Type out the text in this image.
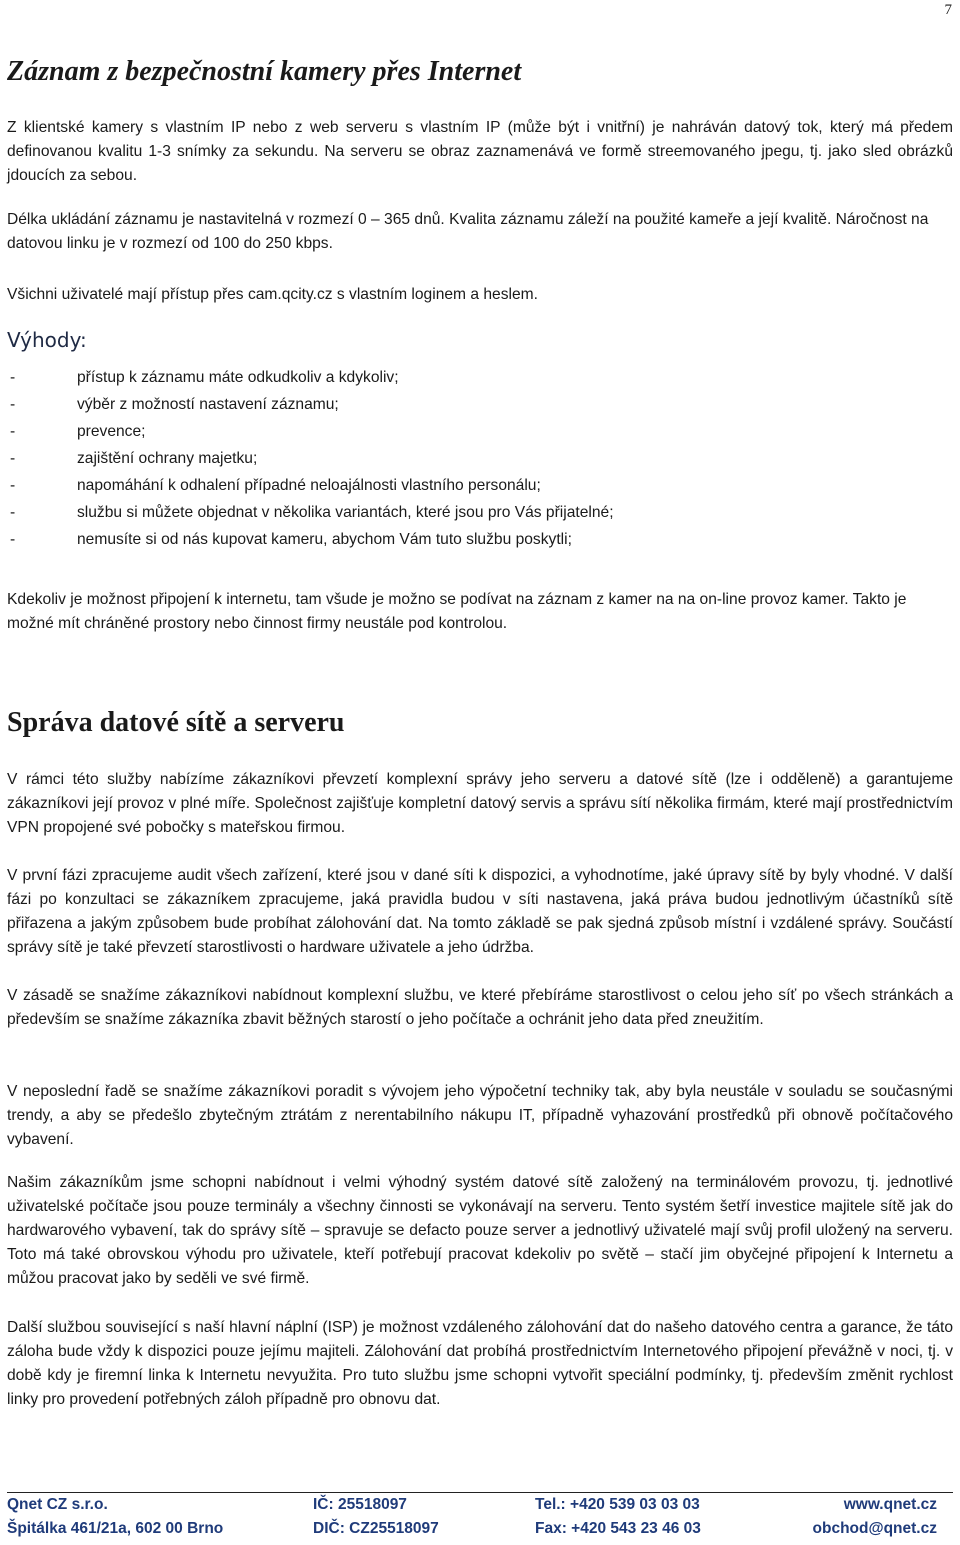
7
Záznam z bezpečnostní kamery přes Internet

Z klientské kamery s vlastním IP nebo z web serveru s vlastním IP (může být i vnitřní) je nahráván datový tok, který má předem definovanou kvalitu 1-3 snímky za sekundu. Na serveru se obraz zaznamenává ve formě streemovaného jpegu, tj. jako sled obrázků jdoucích za sebou.

Délka ukládání záznamu je nastavitelná v rozmezí 0 – 365 dnů. Kvalita záznamu záleží na použité kameře a její kvalitě. Náročnost na datovou linku je v rozmezí od 100 do 250 kbps.

Všichni uživatelé mají přístup přes cam.qcity.cz s vlastním loginem a heslem.

Výhody:
-	přístup k záznamu máte odkudkoliv a kdykoliv;
-	výběr z možností nastavení záznamu;
-	prevence;
-	zajištění ochrany majetku;
-	napomáhání k odhalení případné neloajálnosti vlastního personálu;
-	službu si můžete objednat v několika variantách, které jsou pro Vás přijatelné;
-	nemusíte si od nás kupovat kameru, abychom Vám tuto službu poskytli;

Kdekoliv je možnost připojení k internetu, tam všude je možno se podívat na záznam z kamer na na on-line provoz kamer. Takto je možné mít chráněné prostory nebo činnost firmy neustále pod kontrolou.

Správa datové sítě a serveru

V rámci této služby nabízíme zákazníkovi převzetí komplexní správy jeho serveru a datové sítě (lze i odděleně) a garantujeme zákazníkovi její provoz v plné míře. Společnost zajišťuje kompletní datový servis a správu sítí několika firmám, které mají prostřednictvím VPN propojené své pobočky s mateřskou firmou.

V první fázi zpracujeme audit všech zařízení, které jsou v dané síti k dispozici, a vyhodnotíme, jaké úpravy sítě by byly vhodné. V další fázi po konzultaci se zákazníkem zpracujeme, jaká pravidla budou v síti nastavena, jaká práva budou jednotlivým účastníků sítě přiřazena a jakým způsobem bude probíhat zálohování dat. Na tomto základě se pak sjedná způsob místní i vzdálené správy. Součástí správy sítě je také převzetí starostlivosti o hardware uživatele a jeho údržba.

V zásadě se snažíme zákazníkovi nabídnout komplexní službu, ve které přebíráme starostlivost o celou jeho síť po všech stránkách a především se snažíme zákazníka zbavit běžných starostí o jeho počítače a ochránit jeho data před zneužitím.

V neposlední řadě se snažíme zákazníkovi poradit s vývojem jeho výpočetní techniky tak, aby byla neustále v souladu se současnými trendy, a aby se předešlo zbytečným ztrátám z nerentabilního nákupu IT, případně vyhazování prostředků při obnově počítačového vybavení.

Našim zákazníkům jsme schopni nabídnout i velmi výhodný systém datové sítě založený na terminálovém provozu, tj. jednotlivé uživatelské počítače jsou pouze terminály a všechny činnosti se vykonávají na serveru. Tento systém šetří investice majitele sítě jak do hardwarového vybavení, tak do správy sítě – spravuje se defacto pouze server a jednotlivý uživatelé mají svůj profil uložený na serveru. Toto má také obrovskou výhodu pro uživatele, kteří potřebují pracovat kdekoliv po světě – stačí jim obyčejné připojení k Internetu a můžou pracovat jako by seděli ve své firmě.

Další službou související s naší hlavní náplní (ISP) je možnost vzdáleného zálohování dat do našeho datového centra a garance, že táto záloha bude vždy k dispozici pouze jejímu majiteli. Zálohování dat probíhá prostřednictvím Internetového připojení převážně v noci, tj. v době kdy je firemní linka k Internetu nevyužita. Pro tuto službu jsme schopni vytvořit speciální podmínky, tj. především změnit rychlost linky pro provedení potřebných záloh případně pro obnovu dat.

Qnet CZ s.r.o.	IČ: 25518097	Tel.: +420 539 03 03 03	www.qnet.cz
Špitálka 461/21a, 602 00 Brno	DIČ: CZ25518097	Fax: +420 543 23 46 03	obchod@qnet.cz
